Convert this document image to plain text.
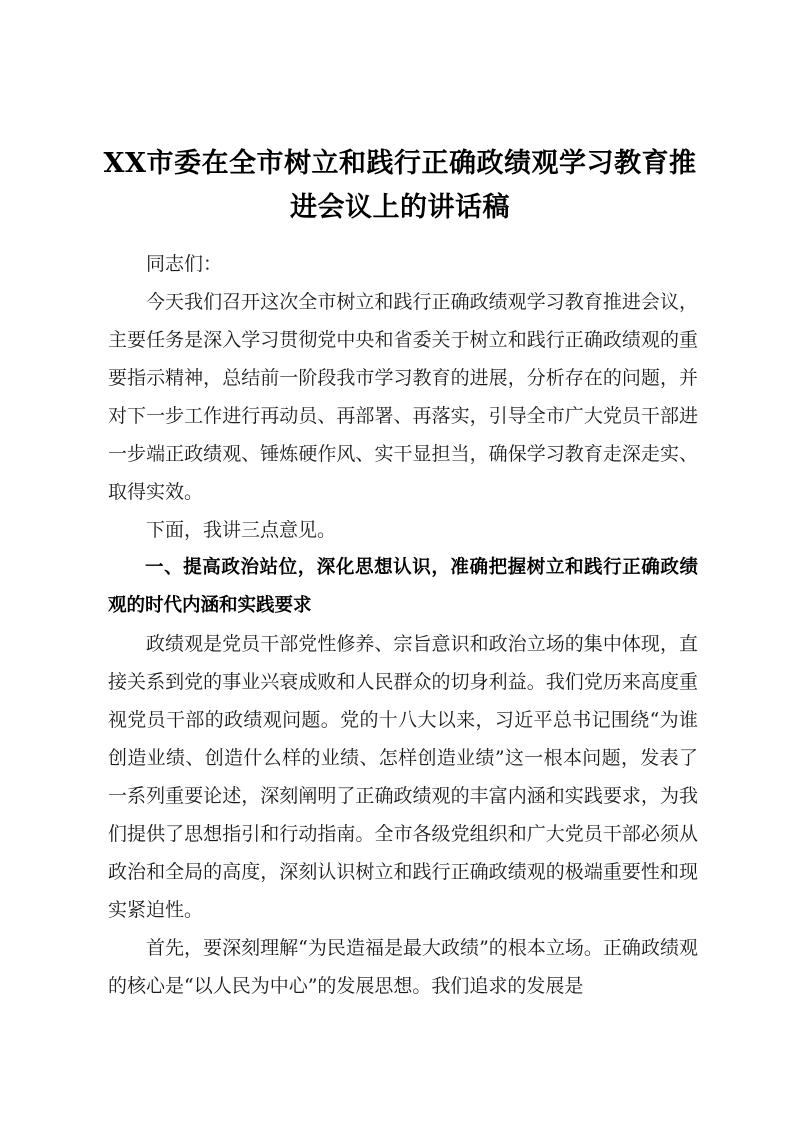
XX市委在全市树立和践行正确政绩观学习教育推进会议上的讲话稿

同志们：

今天我们召开这次全市树立和践行正确政绩观学习教育推进会议，主要任务是深入学习贯彻党中央和省委关于树立和践行正确政绩观的重要指示精神，总结前一阶段我市学习教育的进展，分析存在的问题，并对下一步工作进行再动员、再部署、再落实，引导全市广大党员干部进一步端正政绩观、锤炼硬作风、实干显担当，确保学习教育走深走实、取得实效。

下面，我讲三点意见。

一、提高政治站位，深化思想认识，准确把握树立和践行正确政绩观的时代内涵和实践要求

政绩观是党员干部党性修养、宗旨意识和政治立场的集中体现，直接关系到党的事业兴衰成败和人民群众的切身利益。我们党历来高度重视党员干部的政绩观问题。党的十八大以来，习近平总书记围绕“为谁创造业绩、创造什么样的业绩、怎样创造业绩”这一根本问题，发表了一系列重要论述，深刻阐明了正确政绩观的丰富内涵和实践要求，为我们提供了思想指引和行动指南。全市各级党组织和广大党员干部必须从政治和全局的高度，深刻认识树立和践行正确政绩观的极端重要性和现实紧迫性。

首先，要深刻理解“为民造福是最大政绩”的根本立场。正确政绩观的核心是“以人民为中心”的发展思想。我们追求的发展是
